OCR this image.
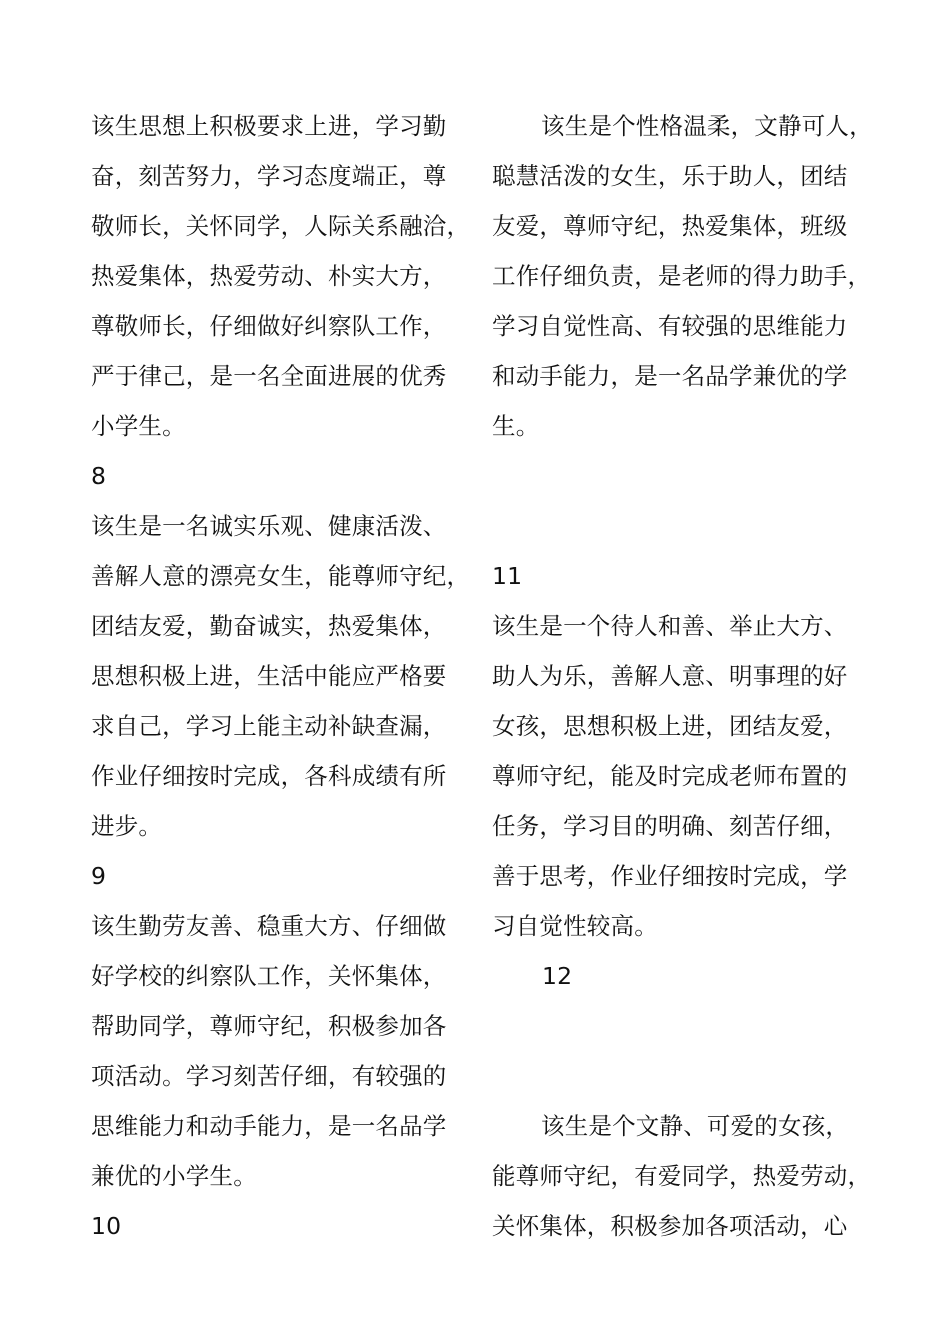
该生思想上积极要求上进，学习勤
奋，刻苦努力，学习态度端正，尊
敬师长，关怀同学，人际关系融洽，
热爱集体，热爱劳动、朴实大方，
尊敬师长，仔细做好纠察队工作，
严于律己，是一名全面进展的优秀
小学生。
8
该生是一名诚实乐观、健康活泼、
善解人意的漂亮女生，能尊师守纪，
团结友爱，勤奋诚实，热爱集体，
思想积极上进，生活中能应严格要
求自己，学习上能主动补缺查漏，
作业仔细按时完成，各科成绩有所
进步。
9
该生勤劳友善、稳重大方、仔细做
好学校的纠察队工作，关怀集体，
帮助同学，尊师守纪，积极参加各
项活动。学习刻苦仔细，有较强的
思维能力和动手能力，是一名品学
兼优的小学生。
10
该生是个性格温柔，文静可人，
聪慧活泼的女生，乐于助人，团结
友爱，尊师守纪，热爱集体，班级
工作仔细负责，是老师的得力助手，
学习自觉性高、有较强的思维能力
和动手能力，是一名品学兼优的学
生。
11
该生是一个待人和善、举止大方、
助人为乐，善解人意、明事理的好
女孩，思想积极上进，团结友爱，
尊师守纪，能及时完成老师布置的
任务，学习目的明确、刻苦仔细，
善于思考，作业仔细按时完成，学
习自觉性较高。
12
该生是个文静、可爱的女孩，
能尊师守纪，有爱同学，热爱劳动，
关怀集体，积极参加各项活动，心
